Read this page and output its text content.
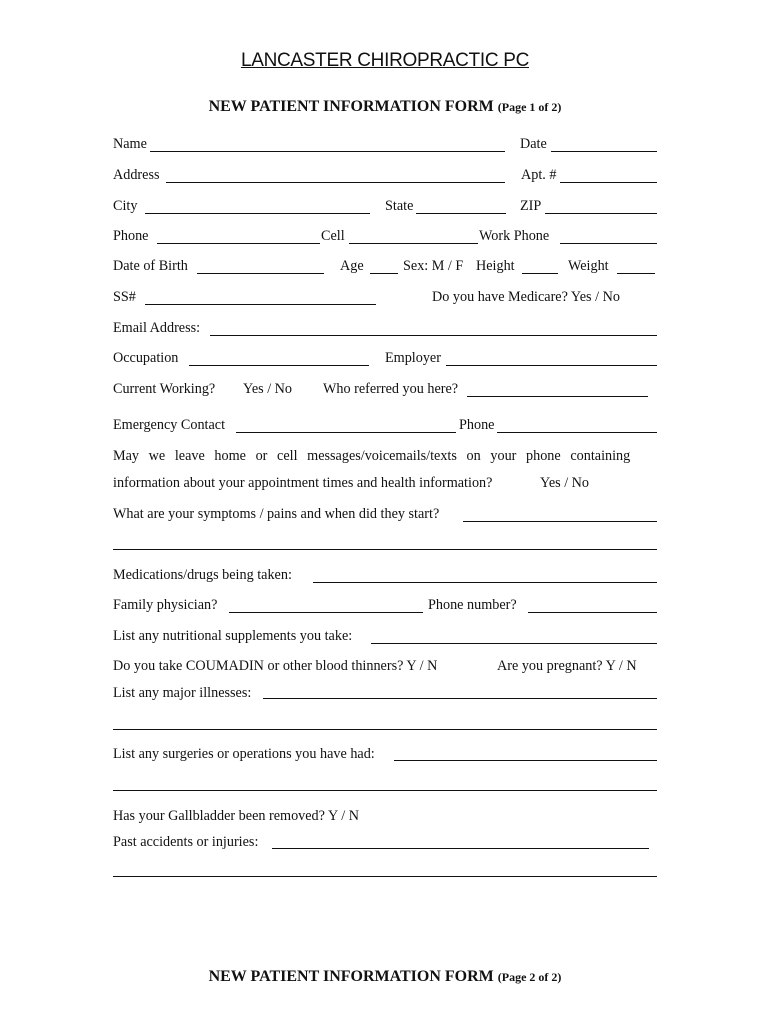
LANCASTER CHIROPRACTIC PC
NEW PATIENT INFORMATION FORM (Page 1 of 2)
Name	Date
Address	Apt. #
City	State	ZIP
Phone	Cell	Work Phone
Date of Birth	Age	Sex: M / F Height	Weight
SS#	Do you have Medicare? Yes / No
Email Address:
Occupation	Employer
Current Working? Yes / No Who referred you here?
Emergency Contact	Phone
May we leave home or cell messages/voicemails/texts on your phone containing
information about your appointment times and health information?	Yes / No
What are your symptoms / pains and when did they start?
Medications/drugs being taken:
Family physician?	Phone number?
List any nutritional supplements you take:
Do you take COUMADIN or other blood thinners? Y / N	Are you pregnant? Y / N
List any major illnesses:
List any surgeries or operations you have had:
Has your Gallbladder been removed? Y / N
Past accidents or injuries:
NEW PATIENT INFORMATION FORM (Page 2 of 2)
